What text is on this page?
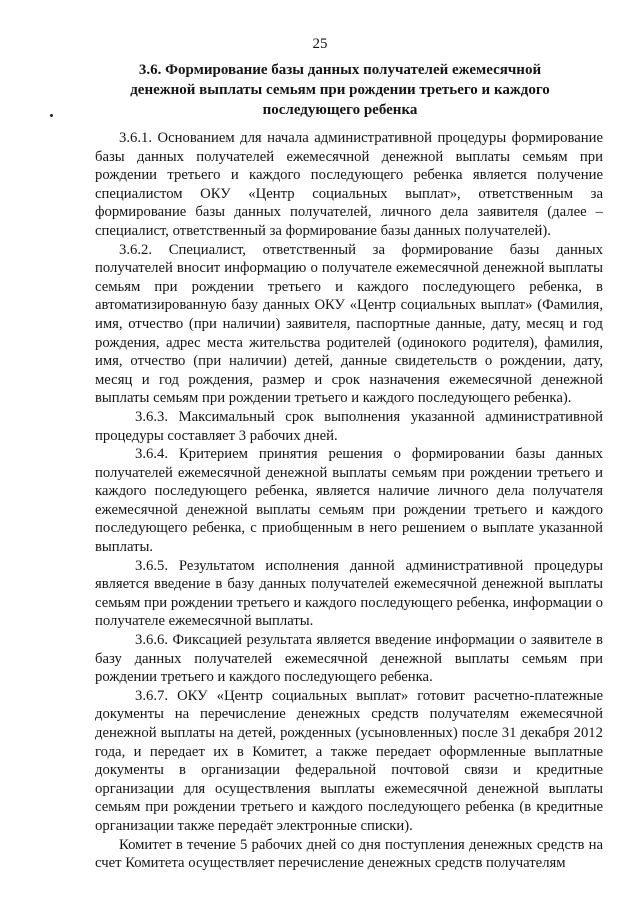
25
3.6. Формирование базы данных получателей ежемесячной денежной выплаты семьям при рождении третьего и каждого последующего ребенка

3.6.1. Основанием для начала административной процедуры формирование базы данных получателей ежемесячной денежной выплаты семьям при рождении третьего и каждого последующего ребенка является получение специалистом ОКУ «Центр социальных выплат», ответственным за формирование базы данных получателей, личного дела заявителя (далее – специалист, ответственный за формирование базы данных получателей).

3.6.2. Специалист, ответственный за формирование базы данных получателей вносит информацию о получателе ежемесячной денежной выплаты семьям при рождении третьего и каждого последующего ребенка, в автоматизированную базу данных ОКУ «Центр социальных выплат» (Фамилия, имя, отчество (при наличии) заявителя, паспортные данные, дату, месяц и год рождения, адрес места жительства родителей (одинокого родителя), фамилия, имя, отчество (при наличии) детей, данные свидетельств о рождении, дату, месяц и год рождения, размер и срок назначения ежемесячной денежной выплаты семьям при рождении третьего и каждого последующего ребенка).

3.6.3. Максимальный срок выполнения указанной административной процедуры составляет 3 рабочих дней.

3.6.4. Критерием принятия решения о формировании базы данных получателей ежемесячной денежной выплаты семьям при рождении третьего и каждого последующего ребенка, является наличие личного дела получателя ежемесячной денежной выплаты семьям при рождении третьего и каждого последующего ребенка, с приобщенным в него решением о выплате указанной выплаты.

3.6.5. Результатом исполнения данной административной процедуры является введение в базу данных получателей ежемесячной денежной выплаты семьям при рождении третьего и каждого последующего ребенка, информации о получателе ежемесячной выплаты.

3.6.6. Фиксацией результата является введение информации о заявителе в базу данных получателей ежемесячной денежной выплаты семьям при рождении третьего и каждого последующего ребенка.

3.6.7. ОКУ «Центр социальных выплат» готовит расчетно-платежные документы на перечисление денежных средств получателям ежемесячной денежной выплаты на детей, рожденных (усыновленных) после 31 декабря 2012 года, и передает их в Комитет, а также передает оформленные выплатные документы в организации федеральной почтовой связи и кредитные организации для осуществления выплаты ежемесячной денежной выплаты семьям при рождении третьего и каждого последующего ребенка (в кредитные организации также передаёт электронные списки).

Комитет в течение 5 рабочих дней со дня поступления денежных средств на счет Комитета осуществляет перечисление денежных средств получателям
